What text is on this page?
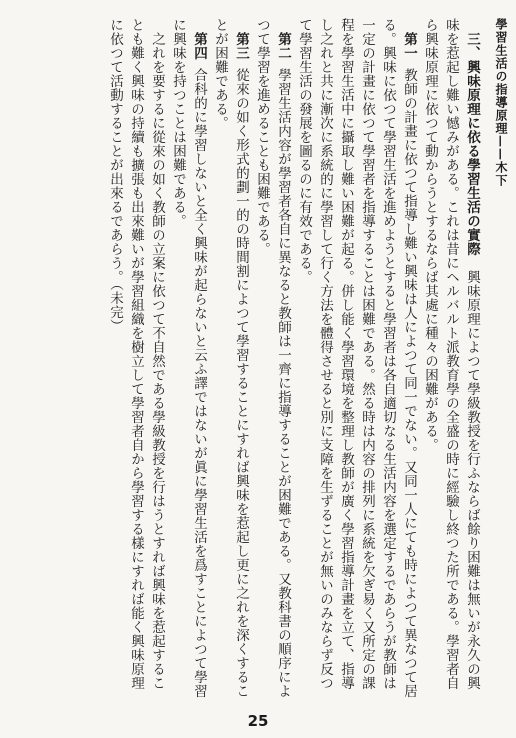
學習生活の指導原理——木下

三、興味原理に依る學習生活の實際　興味原理によつて學級教授を行ふならば餘り困難は無いが永久の興味を惹起し難い憾みがある。これは昔にヘルバルト派教育學の全盛の時に經驗し終つた所である。學習者自ら興味原理に依つて動からうとするならば其處に種々の困難がある。

第一教師の計畫に依つて指導し難い興味は人によつて同一でない。又同一人にても時によつて異なつて居る。興味に依つて學習生活を進めようとすると學習者は各自適切なる生活内容を選定するであらうが教師は一定の計畫に依つて學習者を指導することは困難である。然る時は内容の排列に系統を欠ぎ易く又所定の課程を學習生活中に攝取し難い困難が起る。併し能く學習環境を整理し教師が廣く學習指導計畫を立て、指導し之れと共に漸次に系統的に學習して行く方法を體得させると別に支障を生ずることが無いのみならず反つて學習生活の發展を圖るのに有效である。

第二學習生活内容が學習者各自に異なると教師は一齊に指導することが困難である。又教科書の順序によつて學習を進めることも困難である。

第三從來の如く形式的劃一的の時間割によつて學習することにすれば興味を惹起し更に之れを深くすることが困難である。

第四合科的に學習しないと全く興味が起らないと云ふ譯ではないが眞に學習生活を爲すことによつて學習に興味を持つことは困難である。

之れを要するに從來の如く教師の立案に依つて不自然である學級教授を行はうとすれば興味を惹起することも難く興味の持續も擴張も出來難いが學習組織を樹立して學習者自から學習する樣にすれば能く興味原理に依つて活動することが出來るであらう。（未完）

25
